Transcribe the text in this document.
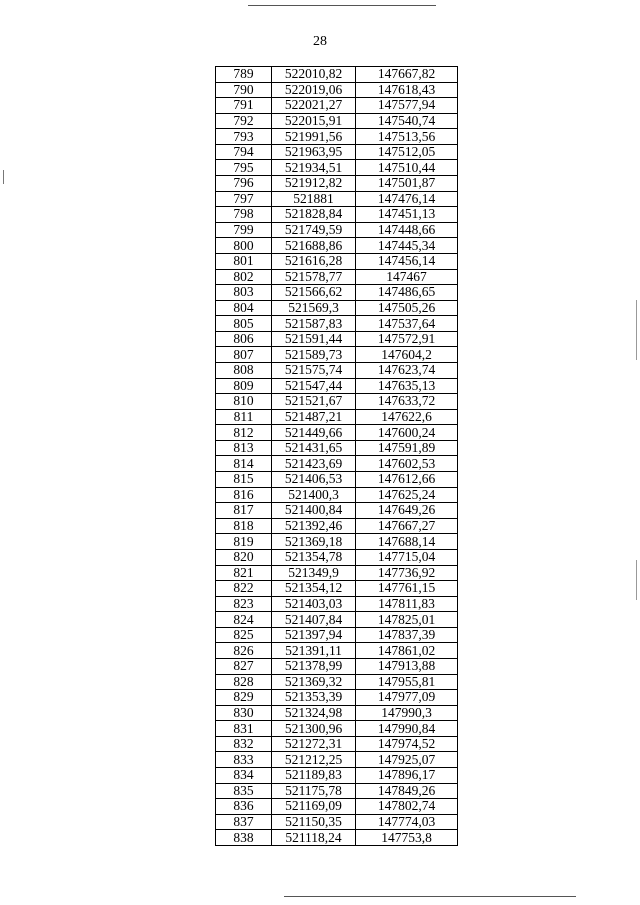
28
789	522010,82	147667,82
790	522019,06	147618,43
791	522021,27	147577,94
792	522015,91	147540,74
793	521991,56	147513,56
794	521963,95	147512,05
795	521934,51	147510,44
796	521912,82	147501,87
797	521881	147476,14
798	521828,84	147451,13
799	521749,59	147448,66
800	521688,86	147445,34
801	521616,28	147456,14
802	521578,77	147467
803	521566,62	147486,65
804	521569,3	147505,26
805	521587,83	147537,64
806	521591,44	147572,91
807	521589,73	147604,2
808	521575,74	147623,74
809	521547,44	147635,13
810	521521,67	147633,72
811	521487,21	147622,6
812	521449,66	147600,24
813	521431,65	147591,89
814	521423,69	147602,53
815	521406,53	147612,66
816	521400,3	147625,24
817	521400,84	147649,26
818	521392,46	147667,27
819	521369,18	147688,14
820	521354,78	147715,04
821	521349,9	147736,92
822	521354,12	147761,15
823	521403,03	147811,83
824	521407,84	147825,01
825	521397,94	147837,39
826	521391,11	147861,02
827	521378,99	147913,88
828	521369,32	147955,81
829	521353,39	147977,09
830	521324,98	147990,3
831	521300,96	147990,84
832	521272,31	147974,52
833	521212,25	147925,07
834	521189,83	147896,17
835	521175,78	147849,26
836	521169,09	147802,74
837	521150,35	147774,03
838	521118,24	147753,8
